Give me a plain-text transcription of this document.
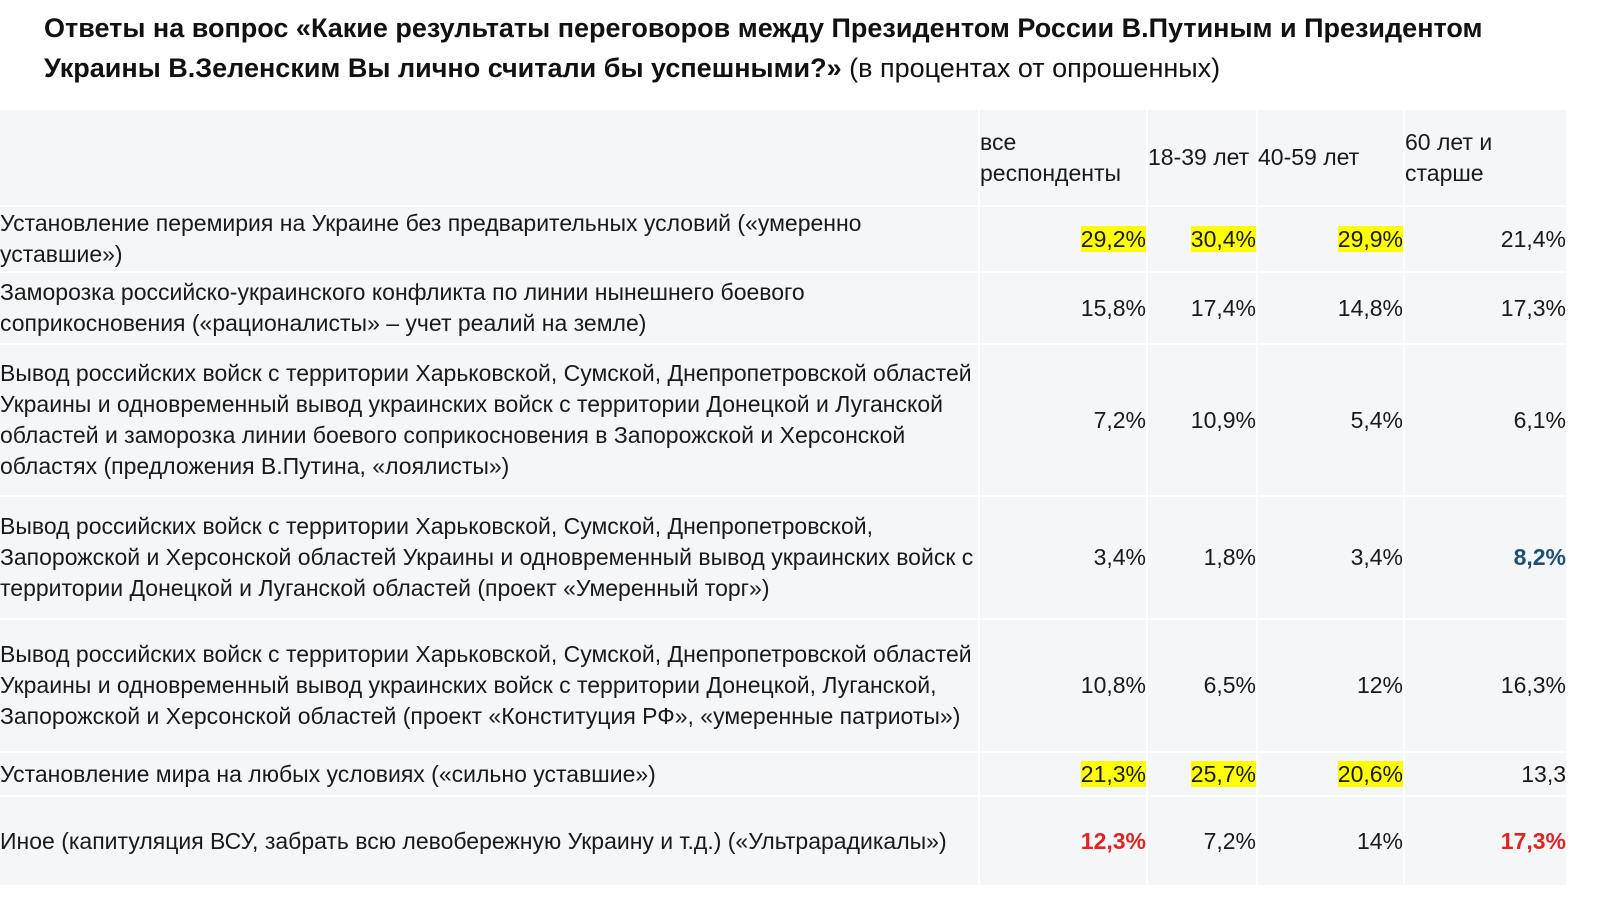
Ответы на вопрос «Какие результаты переговоров между Президентом России В.Путиным и Президентом Украины В.Зеленским Вы лично считали бы успешными?» (в процентах от опрошенных)
	все респонденты	18-39 лет	40-59 лет	60 лет и старше
Установление перемирия на Украине без предварительных условий («умеренно уставшие»)	29,2%	30,4%	29,9%	21,4%
Заморозка российско-украинского конфликта по линии нынешнего боевого соприкосновения («рационалисты» – учет реалий на земле)	15,8%	17,4%	14,8%	17,3%
Вывод российских войск с территории Харьковской, Сумской, Днепропетровской областей Украины и одновременный вывод украинских войск с территории Донецкой и Луганской областей и заморозка линии боевого соприкосновения в Запорожской и Херсонской областях (предложения В.Путина, «лоялисты»)	7,2%	10,9%	5,4%	6,1%
Вывод российских войск с территории Харьковской, Сумской, Днепропетровской, Запорожской и Херсонской областей Украины и одновременный вывод украинских войск с территории Донецкой и Луганской областей (проект «Умеренный торг»)	3,4%	1,8%	3,4%	8,2%
Вывод российских войск с территории Харьковской, Сумской, Днепропетровской областей Украины и одновременный вывод украинских войск с территории Донецкой, Луганской, Запорожской и Херсонской областей (проект «Конституция РФ», «умеренные патриоты»)	10,8%	6,5%	12%	16,3%
Установление мира на любых условиях («сильно уставшие»)	21,3%	25,7%	20,6%	13,3
Иное (капитуляция ВСУ, забрать всю левобережную Украину и т.д.) («Ультрарадикалы»)	12,3%	7,2%	14%	17,3%
